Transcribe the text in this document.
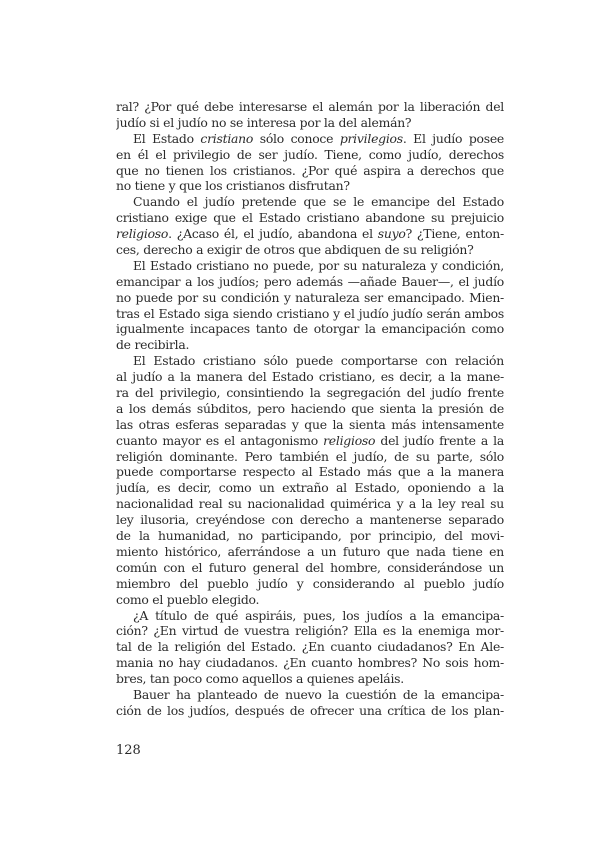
ral? ¿Por qué debe interesarse el alemán por la liberación del
judío si el judío no se interesa por la del alemán?
El Estado cristiano sólo conoce privilegios. El judío posee
en él el privilegio de ser judío. Tiene, como judío, derechos
que no tienen los cristianos. ¿Por qué aspira a derechos que
no tiene y que los cristianos disfrutan?
Cuando el judío pretende que se le emancipe del Estado
cristiano exige que el Estado cristiano abandone su prejuicio
religioso. ¿Acaso él, el judío, abandona el suyo? ¿Tiene, enton-
ces, derecho a exigir de otros que abdiquen de su religión?
El Estado cristiano no puede, por su naturaleza y condición,
emancipar a los judíos; pero además —añade Bauer—, el judío
no puede por su condición y naturaleza ser emancipado. Mien-
tras el Estado siga siendo cristiano y el judío judío serán ambos
igualmente incapaces tanto de otorgar la emancipación como
de recibirla.
El Estado cristiano sólo puede comportarse con relación
al judío a la manera del Estado cristiano, es decir, a la mane-
ra del privilegio, consintiendo la segregación del judío frente
a los demás súbditos, pero haciendo que sienta la presión de
las otras esferas separadas y que la sienta más intensamente
cuanto mayor es el antagonismo religioso del judío frente a la
religión dominante. Pero también el judío, de su parte, sólo
puede comportarse respecto al Estado más que a la manera
judía, es decir, como un extraño al Estado, oponiendo a la
nacionalidad real su nacionalidad quimérica y a la ley real su
ley ilusoria, creyéndose con derecho a mantenerse separado
de la humanidad, no participando, por principio, del movi-
miento histórico, aferrándose a un futuro que nada tiene en
común con el futuro general del hombre, considerándose un
miembro del pueblo judío y considerando al pueblo judío
como el pueblo elegido.
¿A título de qué aspiráis, pues, los judíos a la emancipa-
ción? ¿En virtud de vuestra religión? Ella es la enemiga mor-
tal de la religión del Estado. ¿En cuanto ciudadanos? En Ale-
mania no hay ciudadanos. ¿En cuanto hombres? No sois hom-
bres, tan poco como aquellos a quienes apeláis.
Bauer ha planteado de nuevo la cuestión de la emancipa-
ción de los judíos, después de ofrecer una crítica de los plan-
128
